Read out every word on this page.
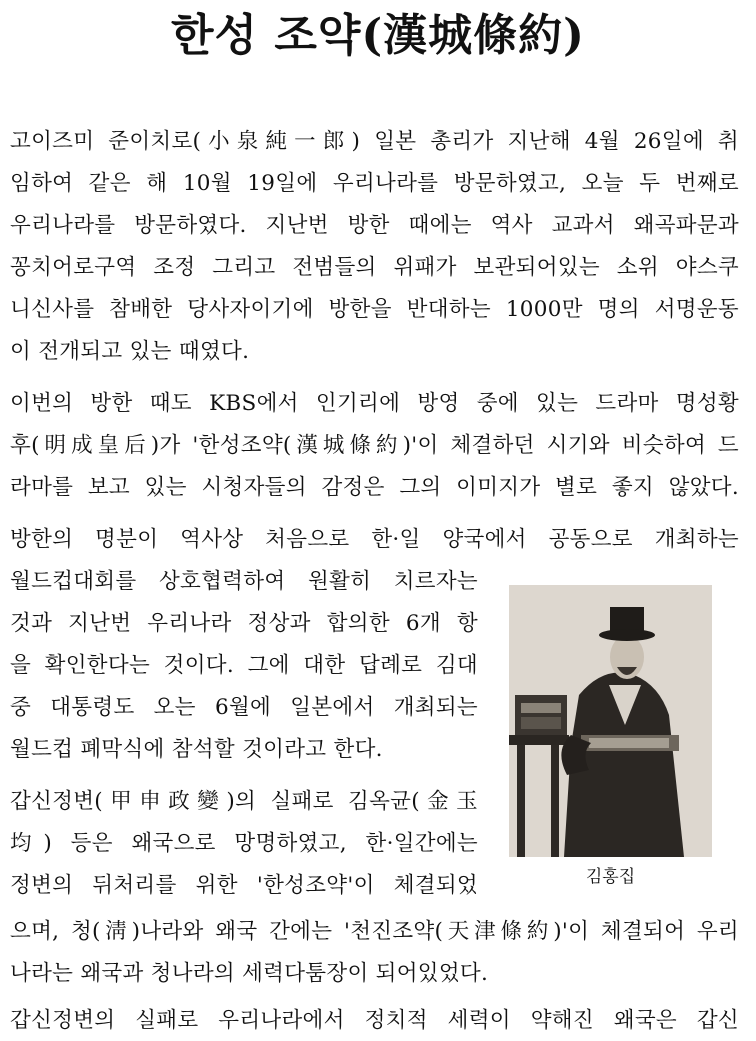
한성 조약(漢城條約)
고이즈미 준이치로(小泉純一郎) 일본 총리가 지난해 4월 26일에 취
임하여 같은 해 10월 19일에 우리나라를 방문하였고, 오늘 두 번째로
우리나라를 방문하였다. 지난번 방한 때에는 역사 교과서 왜곡파문과
꽁치어로구역 조정 그리고 전범들의 위패가 보관되어있는 소위 야스쿠
니신사를 참배한 당사자이기에 방한을 반대하는 1000만 명의 서명운동
이 전개되고 있는 때였다.
이번의 방한 때도 KBS에서 인기리에 방영 중에 있는 드라마 명성황
후(明成皇后)가 '한성조약(漢城條約)'이 체결하던 시기와 비슷하여 드
라마를 보고 있는 시청자들의 감정은 그의 이미지가 별로 좋지 않았다.
방한의 명분이 역사상 처음으로 한·일 양국에서 공동으로 개최하는
월드컵대회를 상호협력하여 원활히 치르자는
것과 지난번 우리나라 정상과 합의한 6개 항
을 확인한다는 것이다. 그에 대한 답례로 김대
중 대통령도 오는 6월에 일본에서 개최되는
월드컵 폐막식에 참석할 것이라고 한다.
갑신정변(甲申政變)의 실패로 김옥균(金玉
均) 등은 왜국으로 망명하였고, 한·일간에는
정변의 뒤처리를 위한 '한성조약'이 체결되었
으며, 청(淸)나라와 왜국 간에는 '천진조약(天津條約)'이 체결되어 우리
나라는 왜국과 청나라의 세력다툼장이 되어있었다.
갑신정변의 실패로 우리나라에서 정치적 세력이 약해진 왜국은 갑신
김홍집
